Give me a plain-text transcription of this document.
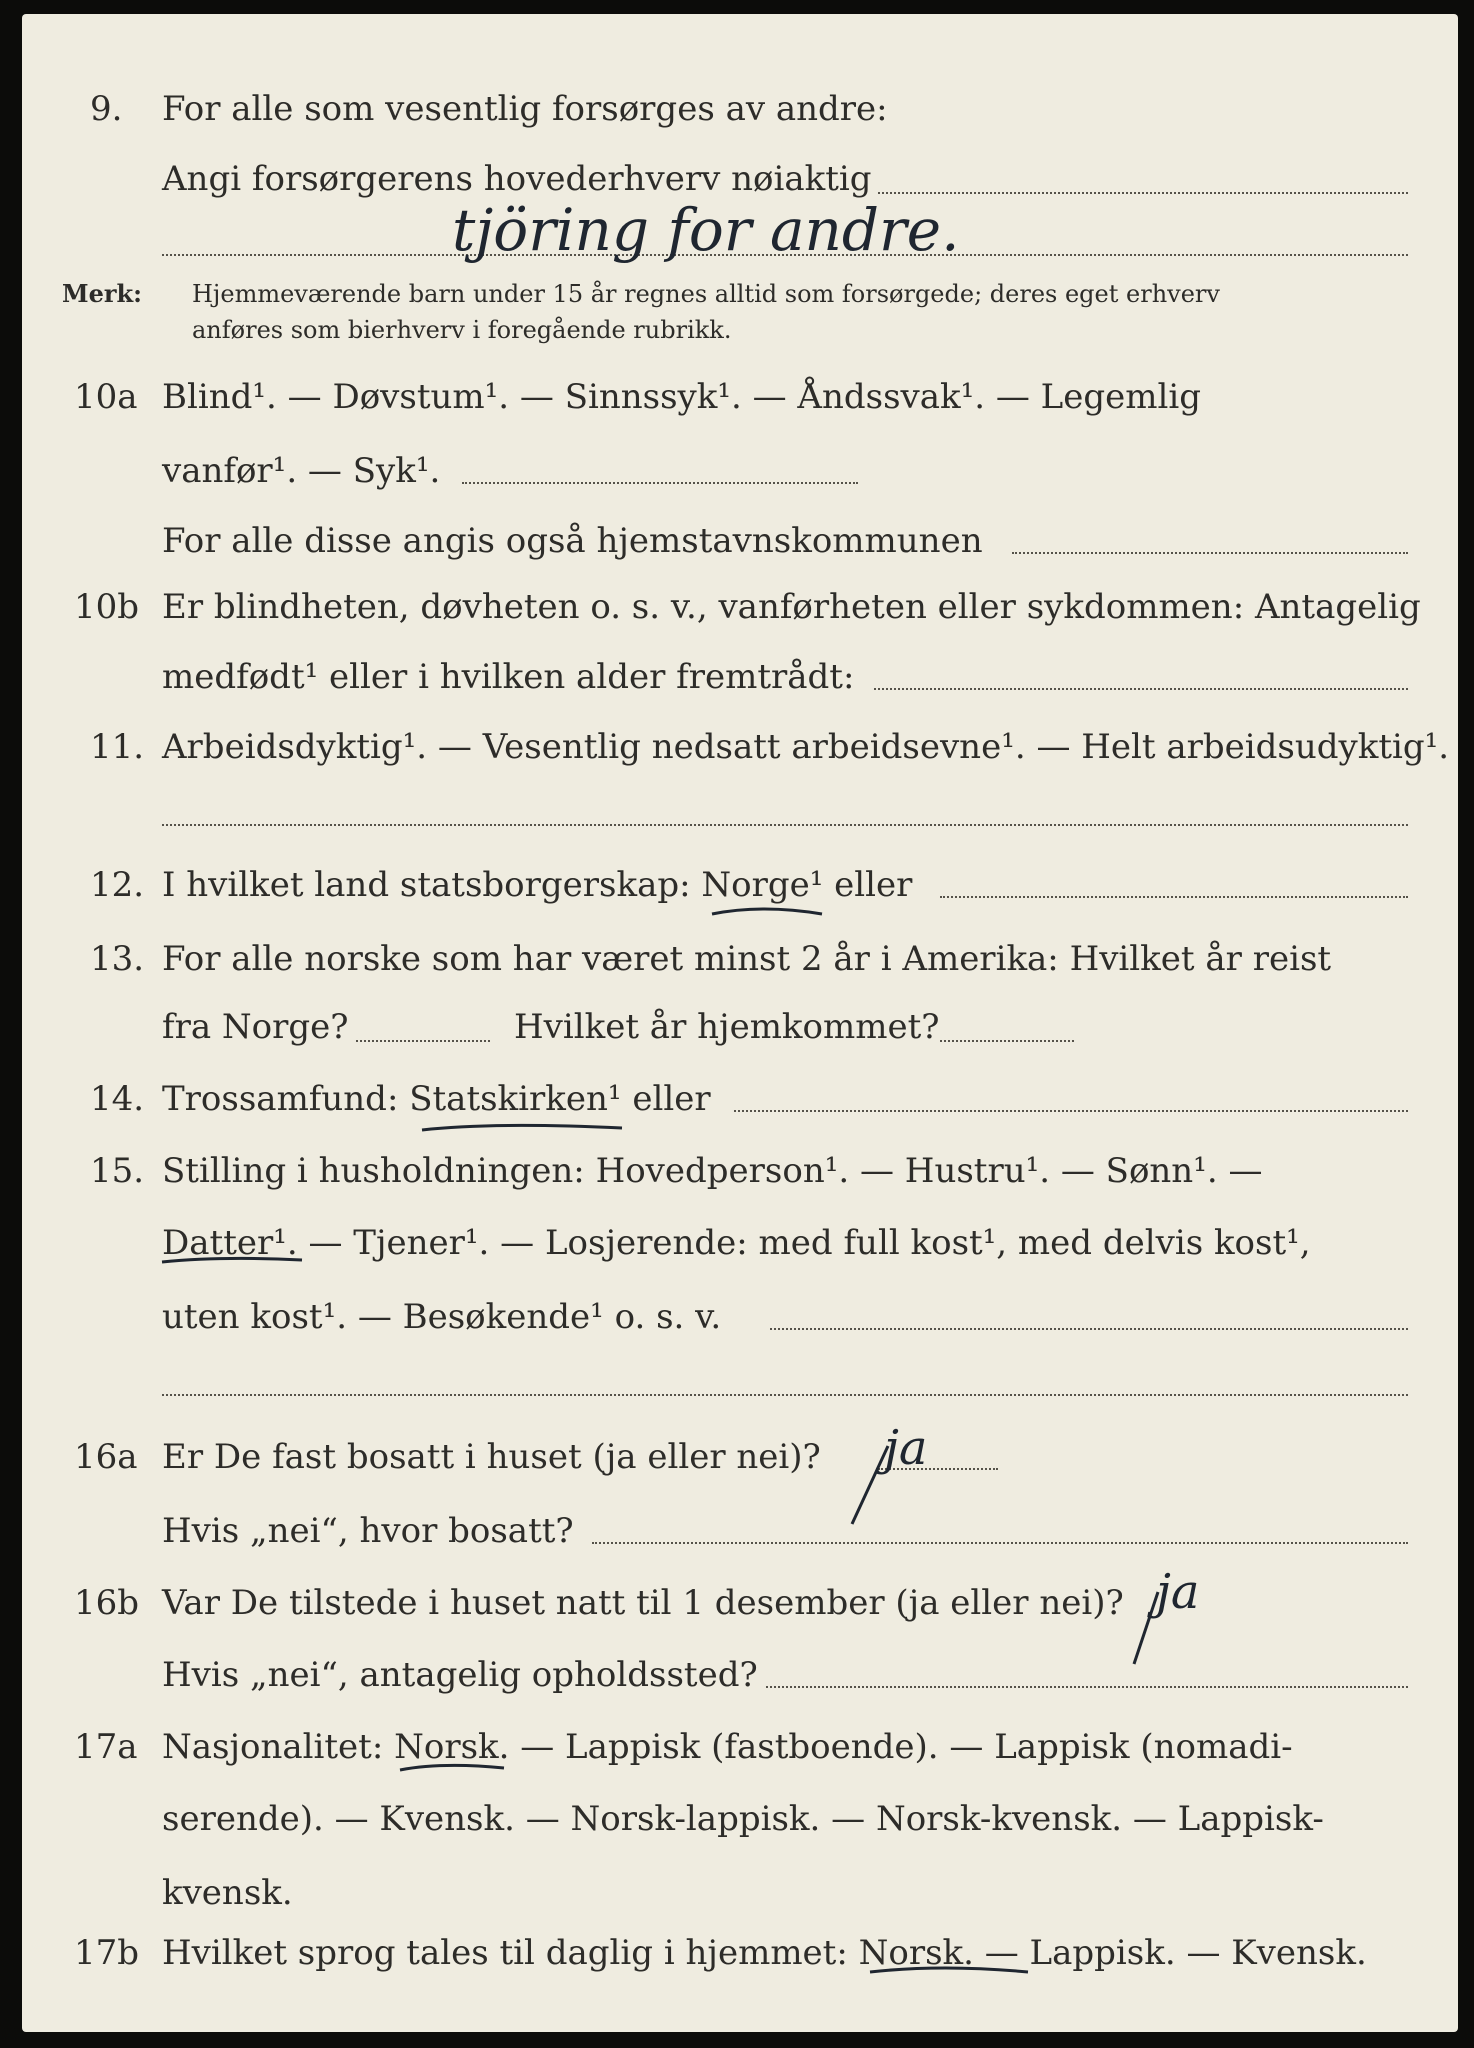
9. For alle som vesentlig forsørges av andre:
Angi forsørgerens hovederhverv nøiaktig
Merk: Hjemmeværende barn under 15 år regnes alltid som forsørgede; deres eget erhverv
anføres som bierhverv i foregående rubrikk.
10a Blind¹. — Døvstum¹. — Sinnssyk¹. — Åndssvak¹. — Legemlig
vanfør¹. — Syk¹.
For alle disse angis også hjemstavnskommunen
10b Er blindheten, døvheten o. s. v., vanførheten eller sykdommen: Antagelig
medfødt¹ eller i hvilken alder fremtrådt:
11. Arbeidsdyktig¹. — Vesentlig nedsatt arbeidsevne¹. — Helt arbeidsudyktig¹.
12. I hvilket land statsborgerskap: Norge¹ eller
13. For alle norske som har været minst 2 år i Amerika: Hvilket år reist
fra Norge?	Hvilket år hjemkommet?
14. Trossamfund: Statskirken¹ eller
15. Stilling i husholdningen: Hovedperson¹. — Hustru¹. — Sønn¹. —
Datter¹. — Tjener¹. — Losjerende: med full kost¹, med delvis kost¹,
uten kost¹. — Besøkende¹ o. s. v.
16a Er De fast bosatt i huset (ja eller nei)?
Hvis „nei“, hvor bosatt?
16b Var De tilstede i huset natt til 1 desember (ja eller nei)?
Hvis „nei“, antagelig opholdssted?
17a Nasjonalitet: Norsk. — Lappisk (fastboende). — Lappisk (nomadi-
serende). — Kvensk. — Norsk-lappisk. — Norsk-kvensk. — Lappisk-
kvensk.
17b Hvilket sprog tales til daglig i hjemmet: Norsk. — Lappisk. — Kvensk.
tjöring for andre.
ja
ja
